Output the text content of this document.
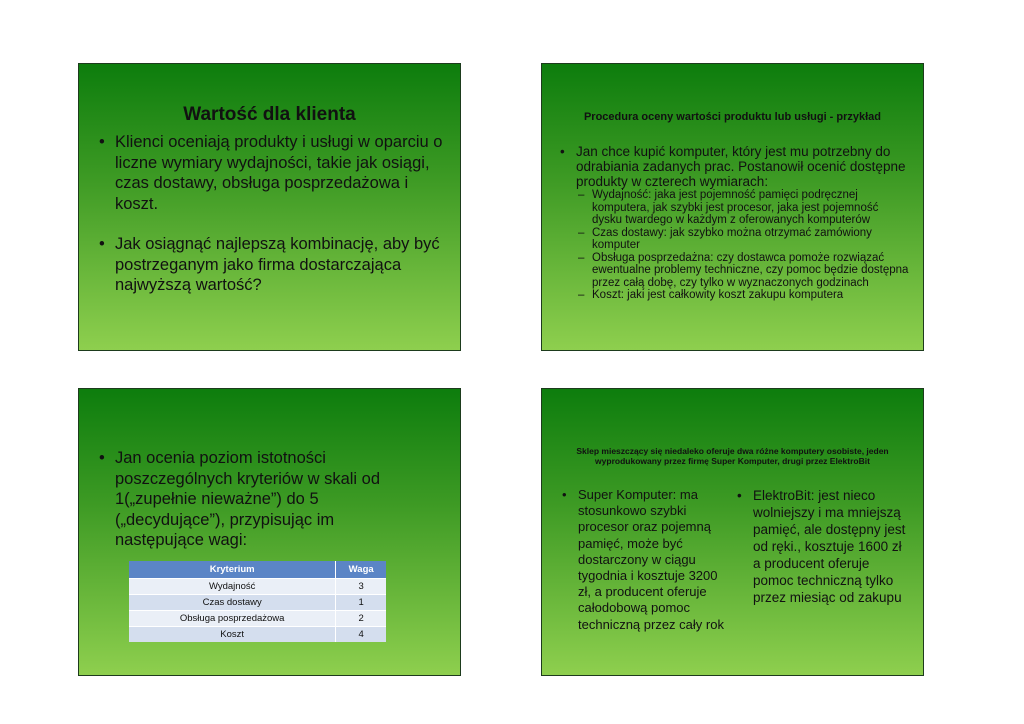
Wartość dla klienta
• Klienci oceniają produkty i usługi w oparciu o liczne wymiary wydajności, takie jak osiągi, czas dostawy, obsługa posprzedażowa i koszt.
• Jak osiągnąć najlepszą kombinację, aby być postrzeganym jako firma dostarczająca najwyższą wartość?
Procedura oceny wartości produktu lub usługi - przykład
• Jan chce kupić komputer, który jest mu potrzebny do odrabiania zadanych prac. Postanowił ocenić dostępne produkty w czterech wymiarach:
– Wydajność: jaka jest pojemność pamięci podręcznej komputera, jak szybki jest procesor, jaka jest pojemność dysku twardego w każdym z oferowanych komputerów
– Czas dostawy: jak szybko można otrzymać zamówiony komputer
– Obsługa posprzedażna: czy dostawca pomoże rozwiązać ewentualne problemy techniczne, czy pomoc będzie dostępna przez całą dobę, czy tylko w wyznaczonych godzinach
– Koszt: jaki jest całkowity koszt zakupu komputera
• Jan ocenia poziom istotności poszczególnych kryteriów w skali od 1(„zupełnie nieważne”) do 5 („decydujące”), przypisując im następujące wagi:
Kryterium	Waga
Wydajność	3
Czas dostawy	1
Obsługa posprzedażowa	2
Koszt	4
Sklep mieszczący się niedaleko oferuje dwa różne komputery osobiste, jeden wyprodukowany przez firmę Super Komputer, drugi przez ElektroBit
• Super Komputer: ma stosunkowo szybki procesor oraz pojemną pamięć, może być dostarczony w ciągu tygodnia i kosztuje 3200 zł, a producent oferuje całodobową pomoc techniczną przez cały rok
• ElektroBit: jest nieco wolniejszy i ma mniejszą pamięć, ale dostępny jest od ręki., kosztuje 1600 zł a producent oferuje pomoc techniczną tylko przez miesiąc od zakupu
